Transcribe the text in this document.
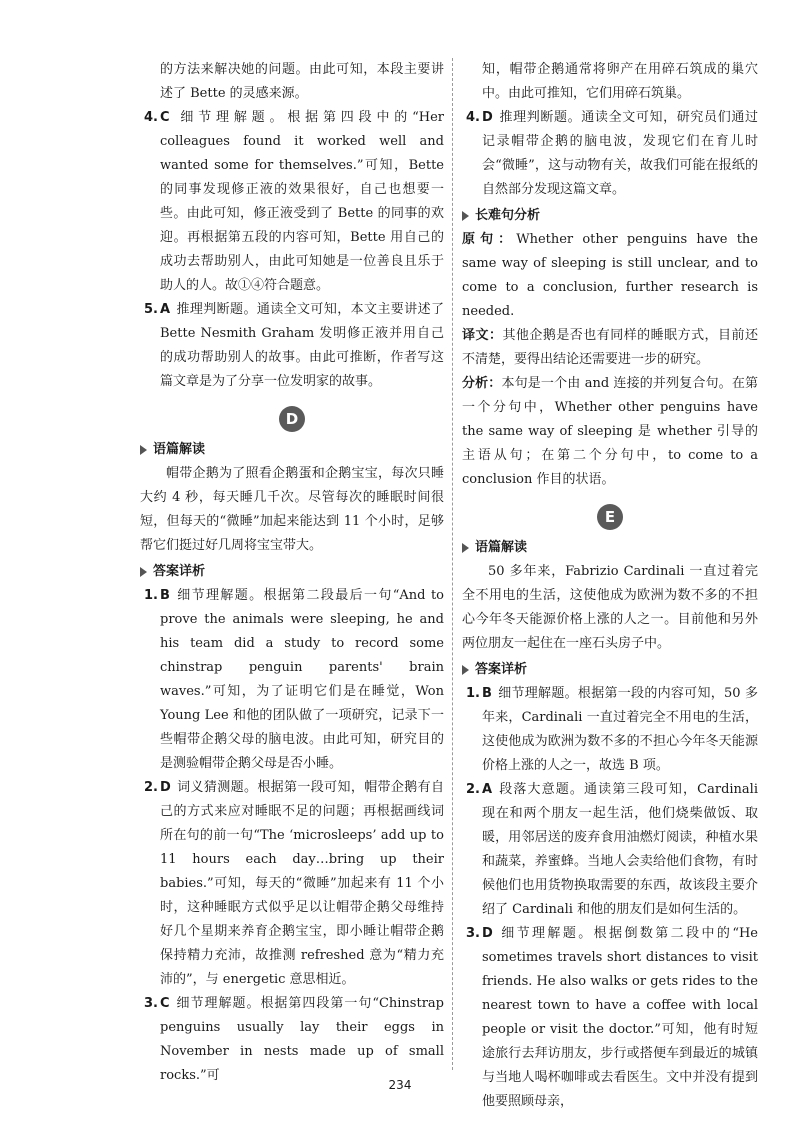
的方法来解决她的问题。由此可知，本段主要讲述了 Bette 的灵感来源。

4. C 细节理解题。根据第四段中的“Her colleagues found it worked well and wanted some for themselves.”可知，Bette 的同事发现修正液的效果很好，自己也想要一些。由此可知，修正液受到了 Bette 的同事的欢迎。再根据第五段的内容可知，Bette 用自己的成功去帮助别人，由此可知她是一位善良且乐于助人的人。故①④符合题意。
5. A 推理判断题。通读全文可知，本文主要讲述了 Bette Nesmith Graham 发明修正液并用自己的成功帮助别人的故事。由此可推断，作者写这篇文章是为了分享一位发明家的故事。
D
语篇解读

帽带企鹅为了照看企鹅蛋和企鹅宝宝，每次只睡大约 4 秒，每天睡几千次。尽管每次的睡眠时间很短，但每天的“微睡”加起来能达到 11 个小时，足够帮它们挺过好几周将宝宝带大。

答案详析
1. B 细节理解题。根据第二段最后一句“And to prove the animals were sleeping, he and his team did a study to record some chinstrap penguin parents' brain waves.”可知，为了证明它们是在睡觉，Won Young Lee 和他的团队做了一项研究，记录下一些帽带企鹅父母的脑电波。由此可知，研究目的是测验帽带企鹅父母是否小睡。
2. D 词义猜测题。根据第一段可知，帽带企鹅有自己的方式来应对睡眠不足的问题；再根据画线词所在句的前一句“The ‘microsleeps’ add up to 11 hours each day…bring up their babies.”可知，每天的“微睡”加起来有 11 个小时，这种睡眠方式似乎足以让帽带企鹅父母维持好几个星期来养育企鹅宝宝，即小睡让帽带企鹅保持精力充沛，故推测 refreshed 意为“精力充沛的”，与 energetic 意思相近。
3. C 细节理解题。根据第四段第一句“Chinstrap penguins usually lay their eggs in November in nests made up of small rocks.”可

知，帽带企鹅通常将卵产在用碎石筑成的巢穴中。由此可推知，它们用碎石筑巢。

4. D 推理判断题。通读全文可知，研究员们通过记录帽带企鹅的脑电波，发现它们在育儿时会“微睡”，这与动物有关，故我们可能在报纸的自然部分发现这篇文章。
长难句分析

原句：Whether other penguins have the same way of sleeping is still unclear, and to come to a conclusion, further research is needed.

译文：其他企鹅是否也有同样的睡眠方式，目前还不清楚，要得出结论还需要进一步的研究。

分析：本句是一个由 and 连接的并列复合句。在第一个分句中，Whether other penguins have the same way of sleeping 是 whether 引导的主语从句；在第二个分句中，to come to a conclusion 作目的状语。

E
语篇解读

50 多年来，Fabrizio Cardinali 一直过着完全不用电的生活，这使他成为欧洲为数不多的不担心今年冬天能源价格上涨的人之一。目前他和另外两位朋友一起住在一座石头房子中。

答案详析
1. B 细节理解题。根据第一段的内容可知，50 多年来，Cardinali 一直过着完全不用电的生活，这使他成为欧洲为数不多的不担心今年冬天能源价格上涨的人之一，故选 B 项。
2. A 段落大意题。通读第三段可知，Cardinali 现在和两个朋友一起生活，他们烧柴做饭、取暖，用邻居送的废弃食用油燃灯阅读，种植水果和蔬菜，养蜜蜂。当地人会卖给他们食物，有时候他们也用货物换取需要的东西，故该段主要介绍了 Cardinali 和他的朋友们是如何生活的。
3. D 细节理解题。根据倒数第二段中的“He sometimes travels short distances to visit friends. He also walks or gets rides to the nearest town to have a coffee with local people or visit the doctor.”可知，他有时短途旅行去拜访朋友，步行或搭便车到最近的城镇与当地人喝杯咖啡或去看医生。文中并没有提到他要照顾母亲，
234
